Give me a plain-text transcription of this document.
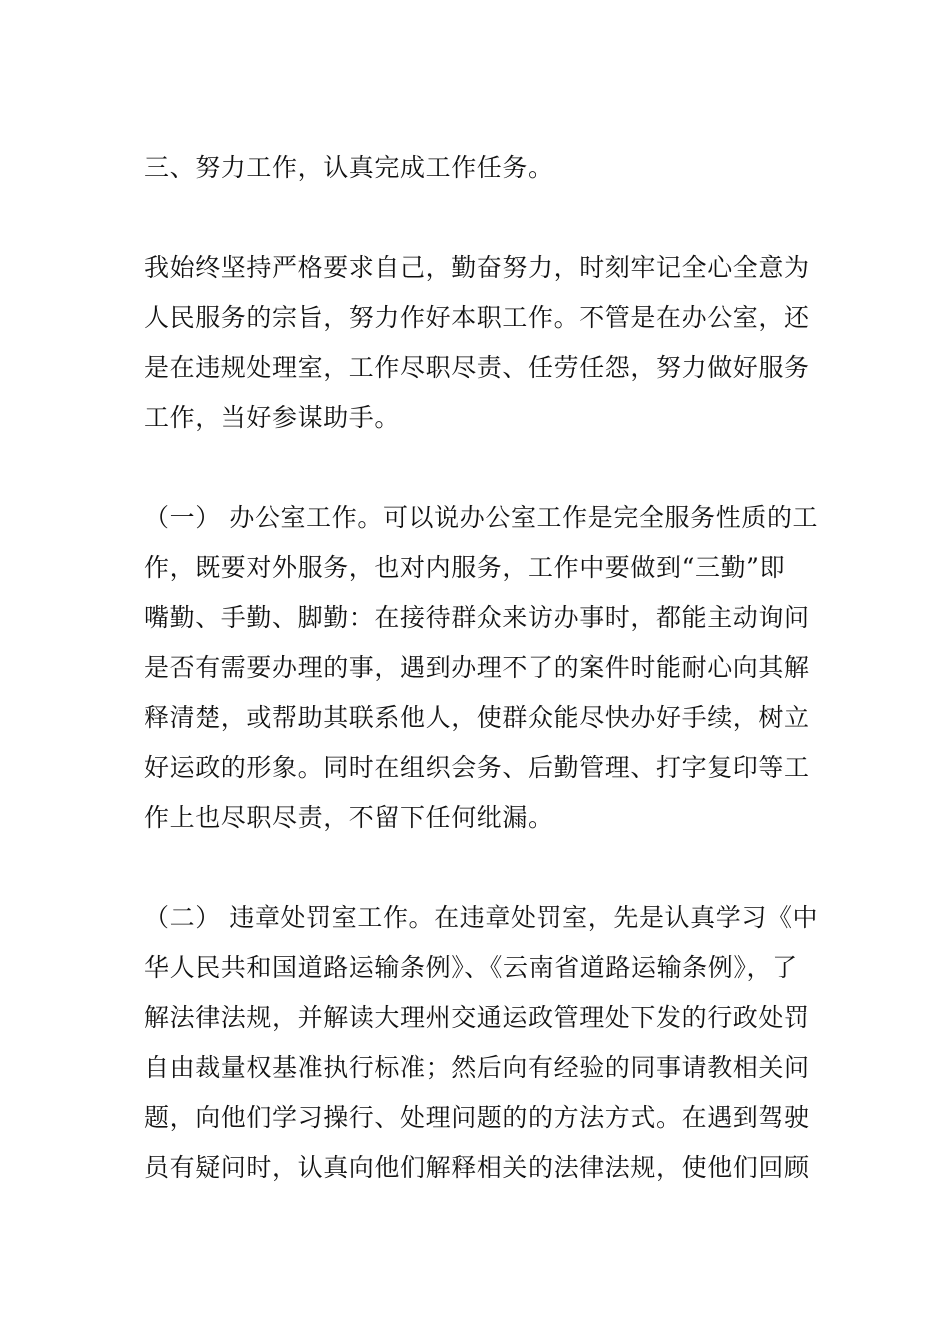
三、努力工作，认真完成工作任务。
我始终坚持严格要求自己，勤奋努力，时刻牢记全心全意为
人民服务的宗旨，努力作好本职工作。不管是在办公室，还
是在违规处理室，工作尽职尽责、任劳任怨，努力做好服务
工作，当好参谋助手。
（一） 办公室工作。可以说办公室工作是完全服务性质的工
作，既要对外服务，也对内服务，工作中要做到“三勤”即
嘴勤、手勤、脚勤：在接待群众来访办事时，都能主动询问
是否有需要办理的事，遇到办理不了的案件时能耐心向其解
释清楚，或帮助其联系他人，使群众能尽快办好手续，树立
好运政的形象。同时在组织会务、后勤管理、打字复印等工
作上也尽职尽责，不留下任何纰漏。
（二） 违章处罚室工作。在违章处罚室，先是认真学习《中
华人民共和国道路运输条例》、《云南省道路运输条例》，了
解法律法规，并解读大理州交通运政管理处下发的行政处罚
自由裁量权基准执行标准；然后向有经验的同事请教相关问
题，向他们学习操行、处理问题的的方法方式。在遇到驾驶
员有疑问时，认真向他们解释相关的法律法规，使他们回顾
